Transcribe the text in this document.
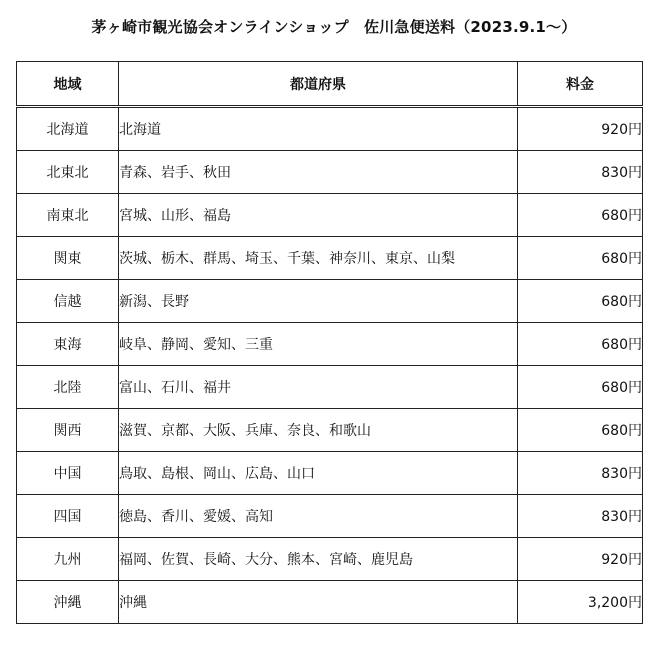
茅ヶ崎市観光協会オンラインショップ　佐川急便送料（2023.9.1～）
地域	都道府県	料金
北海道	北海道	920円
北東北	青森、岩手、秋田	830円
南東北	宮城、山形、福島	680円
関東	茨城、栃木、群馬、埼玉、千葉、神奈川、東京、山梨	680円
信越	新潟、長野	680円
東海	岐阜、静岡、愛知、三重	680円
北陸	富山、石川、福井	680円
関西	滋賀、京都、大阪、兵庫、奈良、和歌山	680円
中国	鳥取、島根、岡山、広島、山口	830円
四国	徳島、香川、愛媛、高知	830円
九州	福岡、佐賀、長崎、大分、熊本、宮崎、鹿児島	920円
沖縄	沖縄	3,200円
